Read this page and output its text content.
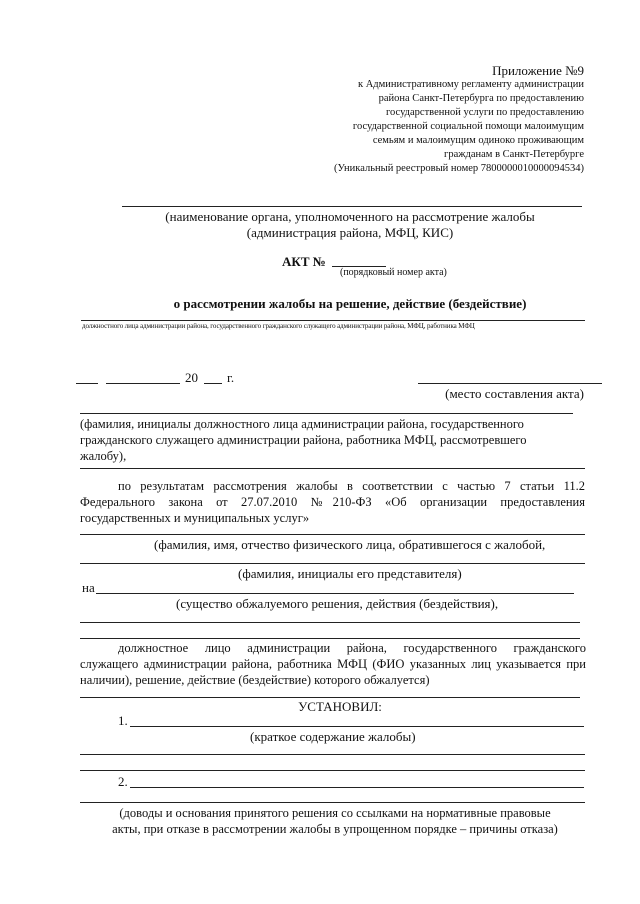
Приложение №9
к Административному регламенту администрации
района Санкт-Петербурга по предоставлению
государственной услуги по предоставлению
государственной социальной помощи малоимущим
семьям и малоимущим одиноко проживающим
гражданам в Санкт-Петербурге
(Уникальный реестровый номер 7800000010000094534)
(наименование органа, уполномоченного на рассмотрение жалобы
(администрация района, МФЦ, КИС)
АКТ №
(порядковый номер акта)
о рассмотрении жалобы на решение, действие (бездействие)
должностного лица администрации района, государственного гражданского служащего администрации района, МФЦ, работника МФЦ
20 г.
(место составления акта)
(фамилия, инициалы должностного лица администрации района, государственного
гражданского служащего администрации района, работника МФЦ, рассмотревшего
жалобу),
по результатам рассмотрения жалобы в соответствии с частью 7 статьи 11.2
Федерального закона от 27.07.2010 №210-ФЗ «Об организации предоставления
государственных и муниципальных услуг»
(фамилия, имя, отчество физического лица, обратившегося с жалобой,
(фамилия, инициалы его представителя)
на
(существо обжалуемого решения, действия (бездействия),
должностное лицо администрации района, государственного гражданского
служащего администрации района, работника МФЦ (ФИО указанных лиц указывается при
наличии), решение, действие (бездействие) которого обжалуется)
УСТАНОВИЛ:
1.
(краткое содержание жалобы)
2.
(доводы и основания принятого решения со ссылками на нормативные правовые
акты, при отказе в рассмотрении жалобы в упрощенном порядке – причины отказа)
